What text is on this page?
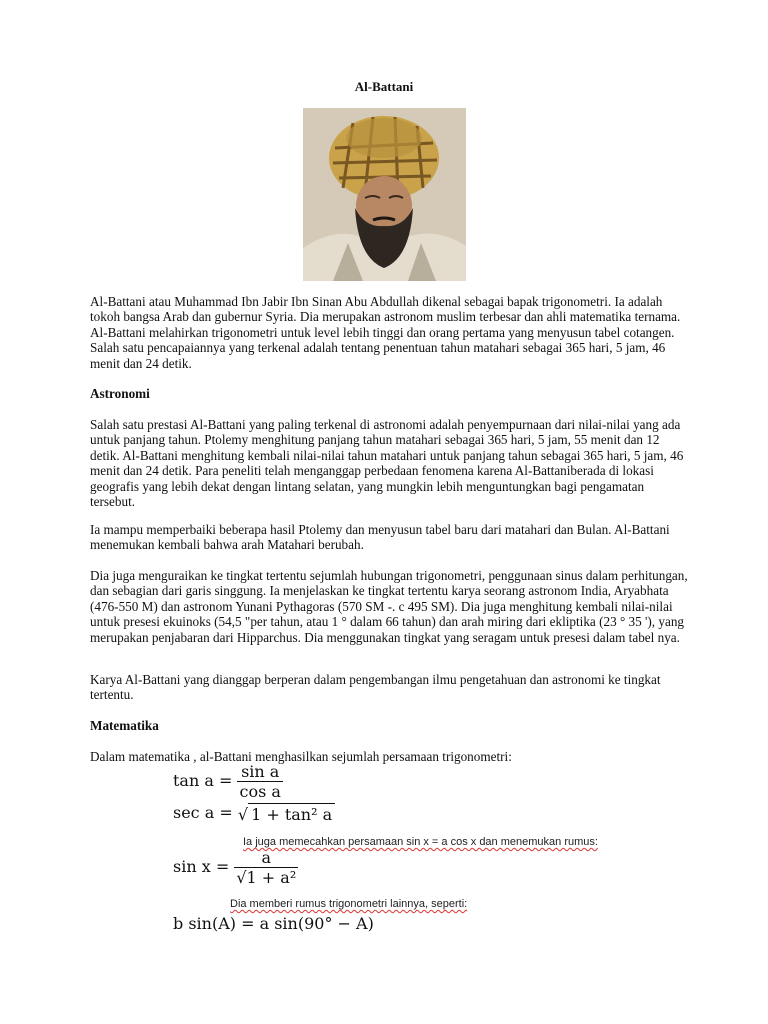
Al-Battani

Al-Battani atau Muhammad Ibn Jabir Ibn Sinan Abu Abdullah dikenal sebagai bapak trigonometri. Ia adalah tokoh bangsa Arab dan gubernur Syria. Dia merupakan astronom muslim terbesar dan ahli matematika ternama. Al-Battani melahirkan trigonometri untuk level lebih tinggi dan orang pertama yang menyusun tabel cotangen. Salah satu pencapaiannya yang terkenal adalah tentang penentuan tahun matahari sebagai 365 hari, 5 jam, 46 menit dan 24 detik.

Astronomi

Salah satu prestasi Al-Battani yang paling terkenal di astronomi adalah penyempurnaan dari nilai-nilai yang ada untuk panjang tahun. Ptolemy menghitung panjang tahun matahari sebagai 365 hari, 5 jam, 55 menit dan 12 detik. Al-Battani menghitung kembali nilai-nilai tahun matahari untuk panjang tahun sebagai 365 hari, 5 jam, 46 menit dan 24 detik. Para peneliti telah menganggap perbedaan fenomena karena Al-Battaniberada di lokasi geografis yang lebih dekat dengan lintang selatan, yang mungkin lebih menguntungkan bagi pengamatan tersebut.

Ia mampu memperbaiki beberapa hasil Ptolemy dan menyusun tabel baru dari matahari dan Bulan. Al-Battani menemukan kembali bahwa arah Matahari berubah.

Dia juga menguraikan ke tingkat tertentu sejumlah hubungan trigonometri, penggunaan sinus dalam perhitungan, dan sebagian dari garis singgung. Ia menjelaskan ke tingkat tertentu karya seorang astronom India, Aryabhata (476-550 M) dan astronom Yunani Pythagoras (570 SM -. c 495 SM). Dia juga menghitung kembali nilai-nilai untuk presesi ekuinoks (54,5 "per tahun, atau 1 ° dalam 66 tahun) dan arah miring dari ekliptika (23 ° 35 '), yang merupakan penjabaran dari Hipparchus. Dia menggunakan tingkat yang seragam untuk presesi dalam tabel nya.

Karya Al-Battani yang dianggap berperan dalam pengembangan ilmu pengetahuan dan astronomi ke tingkat tertentu.

Matematika

Dalam matematika , al-Battani menghasilkan sejumlah persamaan trigonometri:

$\tan a = \frac{\text{sin a}}{\text{cos a}}$
sec a = √ 1 + tan² a
Ia juga memecahkan persamaan sin x = a cos x dan menemukan rumus:
$\sin x = \frac{a}{\text{√1 + a²}}$
Dia memberi rumus trigonometri lainnya, seperti:
b sin(A) = a sin(90° − A)
